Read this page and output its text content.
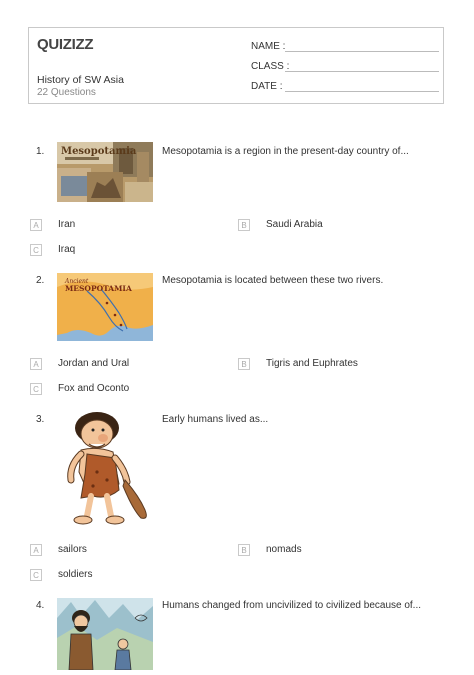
QUIZIZZ
History of SW Asia
22 Questions
NAME :
CLASS :
DATE :
1. Mesopotamia	Mesopotamia is a region in the present-day country of...
A	Iran	B	Saudi Arabia
C	Iraq
2.	Ancient
MESOPOTAMIA
Mesopotamia is located between these two rivers.
A	Jordan and Ural	B	Tigris and Euphrates
C	Fox and Oconto
3.	Early humans lived as...
A	sailors	B	nomads
C	soldiers
4.	Humans changed from uncivilized to civilized because of...
